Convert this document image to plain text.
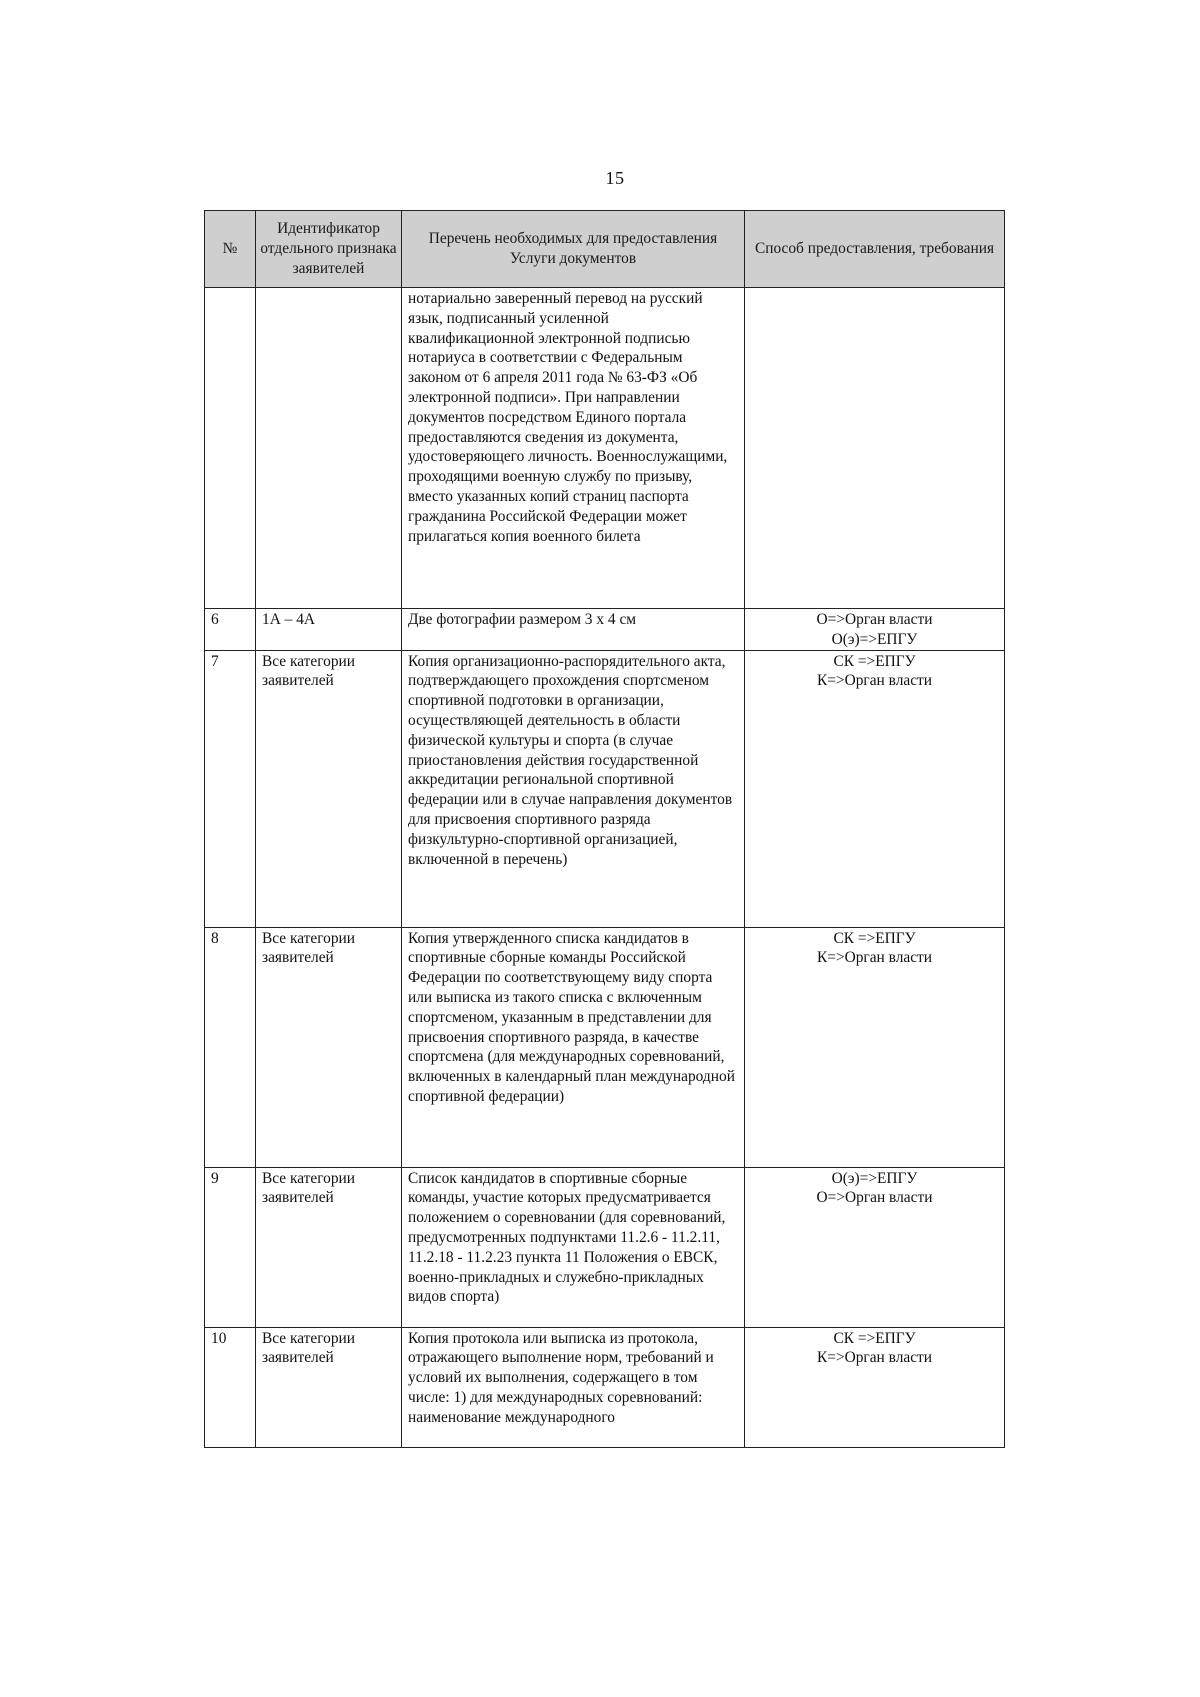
15
№	Идентификатор отдельного признака заявителей	Перечень необходимых для предоставления Услуги документов	Способ предоставления, требования
		нотариально заверенный перевод на русский язык, подписанный усиленной квалификационной электронной подписью нотариуса в соответствии с Федеральным законом от 6 апреля 2011 года № 63-ФЗ «Об электронной подписи». При направлении документов посредством Единого портала предоставляются сведения из документа, удостоверяющего личность. Военнослужащими, проходящими военную службу по призыву, вместо указанных копий страниц паспорта гражданина Российской Федерации может прилагаться копия военного билета	

6	1А – 4А	Две фотографии размером 3 х 4 см	О=>Орган власти
О(э)=>ЕПГУ

7	Все категории заявителей	Копия организационно-распорядительного акта, подтверждающего прохождения спортсменом спортивной подготовки в организации, осуществляющей деятельность в области физической культуры и спорта (в случае приостановления действия государственной аккредитации региональной спортивной федерации или в случае направления документов для присвоения спортивного разряда физкультурно-спортивной организацией, включенной в перечень)	СК =>ЕПГУ
К=>Орган власти

8	Все категории заявителей	Копия утвержденного списка кандидатов в спортивные сборные команды Российской Федерации по соответствующему виду спорта или выписка из такого списка с включенным спортсменом, указанным в представлении для присвоения спортивного разряда, в качестве спортсмена (для международных соревнований, включенных в календарный план международной спортивной федерации)	СК =>ЕПГУ
К=>Орган власти

9	Все категории заявителей	Список кандидатов в спортивные сборные команды, участие которых предусматривается положением о соревновании (для соревнований, предусмотренных подпунктами 11.2.6 - 11.2.11, 11.2.18 - 11.2.23 пункта 11 Положения о ЕВСК, военно-прикладных и служебно-прикладных видов спорта)	О(э)=>ЕПГУ
О=>Орган власти

10	Все категории заявителей	Копия протокола или выписка из протокола, отражающего выполнение норм, требований и условий их выполнения, содержащего в том числе: 1) для международных соревнований: наименование международного	СК =>ЕПГУ
К=>Орган власти
